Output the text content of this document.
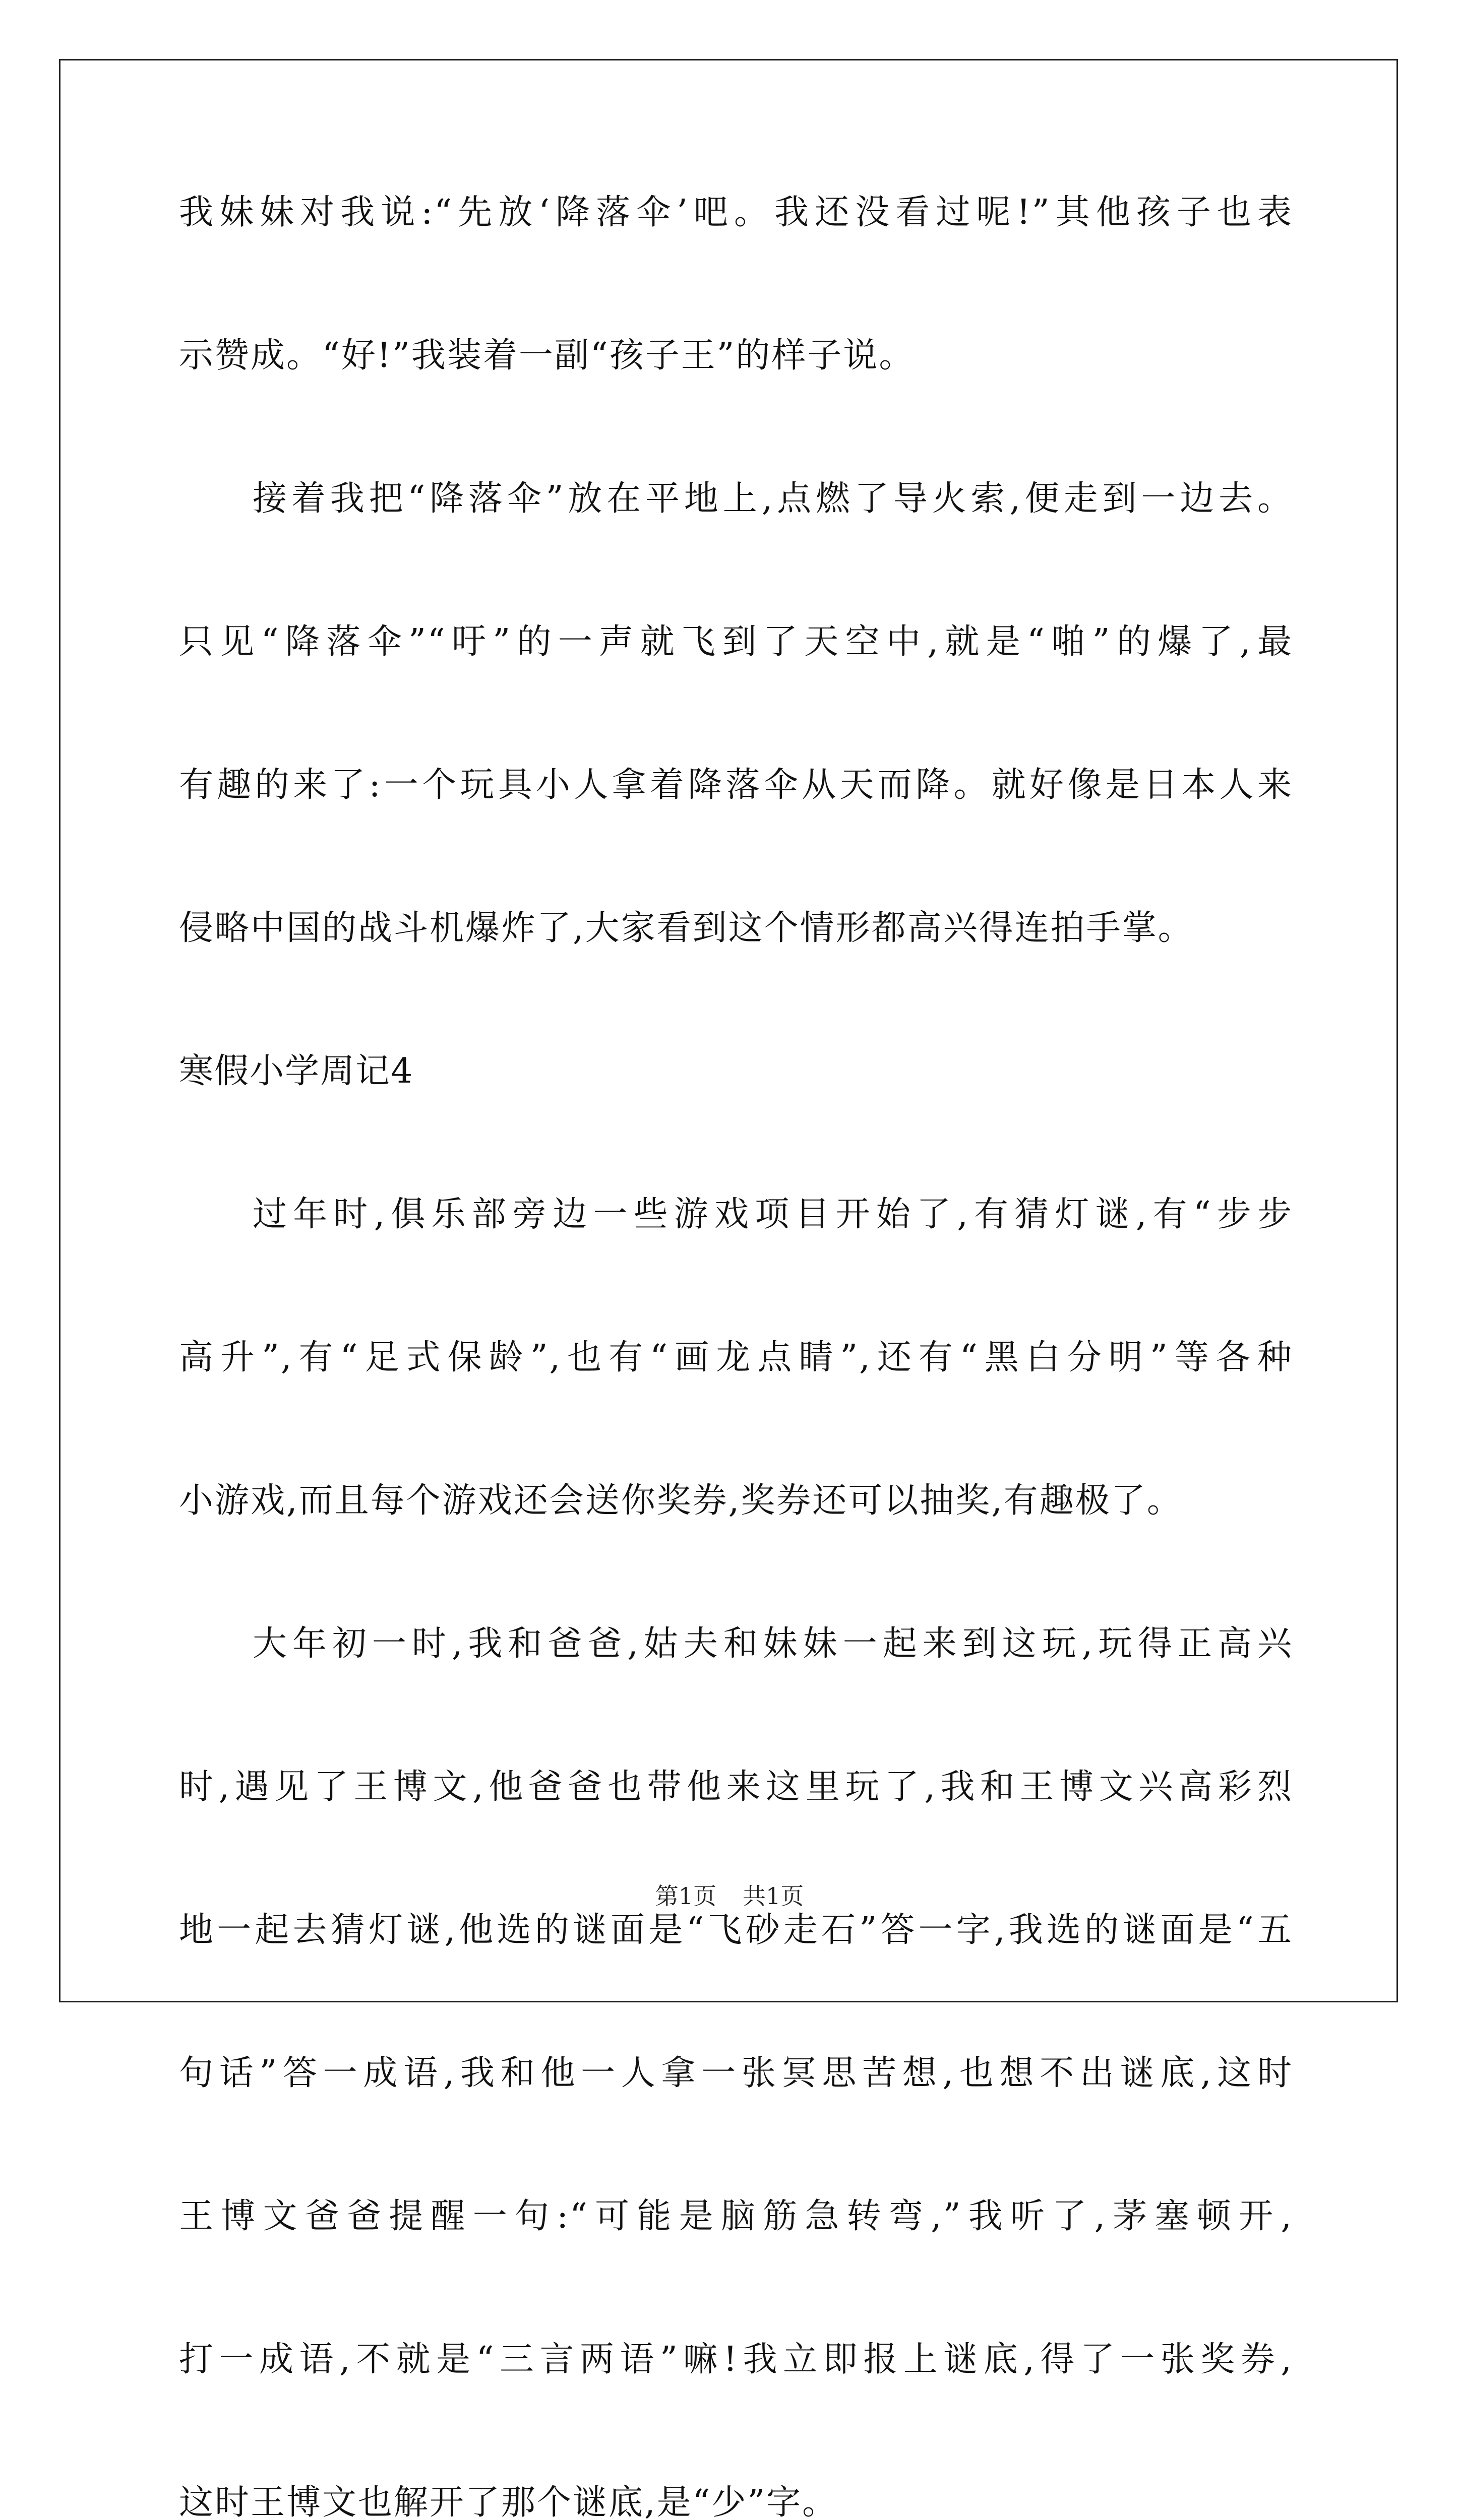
我妹妹对我说:“先放‘降落伞’吧。我还没看过呢!”其他孩子也表
示赞成。“好!”我装着一副“孩子王”的样子说。
接着我把“降落伞”放在平地上,点燃了导火索,便走到一边去。
只见“降落伞”“吁”的一声就飞到了天空中,就是“啪”的爆了,最
有趣的来了:一个玩具小人拿着降落伞从天而降。就好像是日本人来
侵略中国的战斗机爆炸了,大家看到这个情形都高兴得连拍手掌。
寒假小学周记4
过年时,俱乐部旁边一些游戏项目开始了,有猜灯谜,有“步步
高升”,有“足式保龄”,也有“画龙点睛”,还有“黑白分明”等各种
小游戏,而且每个游戏还会送你奖券,奖券还可以抽奖,有趣极了。
大年初一时,我和爸爸,姑夫和妹妹一起来到这玩,玩得正高兴
时,遇见了王博文,他爸爸也带他来这里玩了,我和王博文兴高彩烈
地一起去猜灯谜,他选的谜面是“飞砂走石”答一字,我选的谜面是“五
句话”答一成语,我和他一人拿一张冥思苦想,也想不出谜底,这时
王博文爸爸提醒一句:“可能是脑筋急转弯,”我听了,茅塞顿开,
打一成语,不就是“三言两语”嘛!我立即报上谜底,得了一张奖券,
这时王博文也解开了那个谜底,是“少”字。
第1页 共1页
